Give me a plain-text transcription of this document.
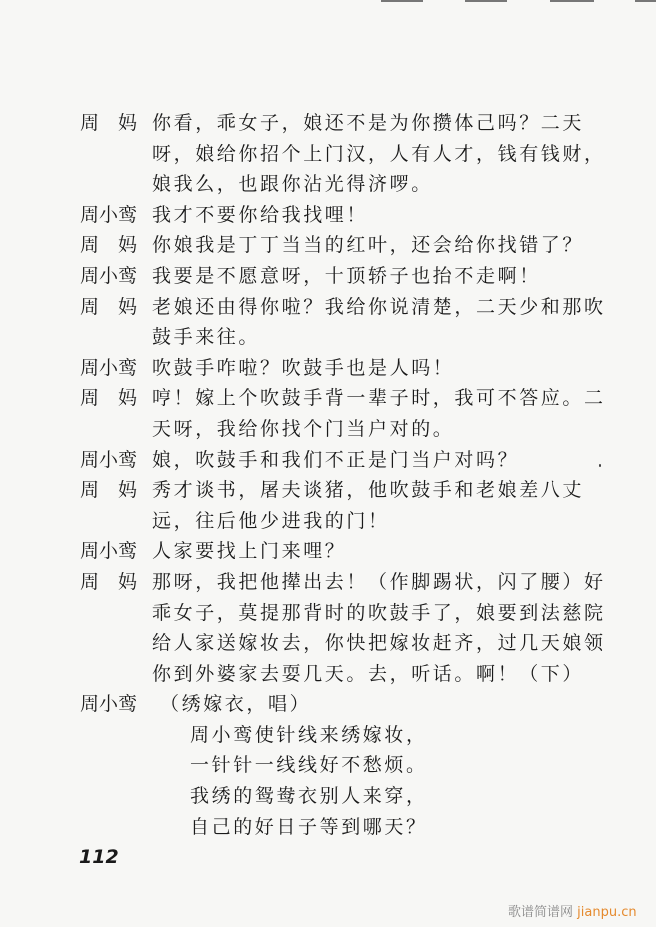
周　妈 你看，乖女子，娘还不是为你攒体己吗？二天
呀，娘给你招个上门汉，人有人才，钱有钱财，
娘我么，也跟你沾光得济啰。
周小鸾 我才不要你给我找哩！
周　妈 你娘我是丁丁当当的红叶，还会给你找错了？
周小鸾 我要是不愿意呀，十顶轿子也抬不走啊！
周　妈 老娘还由得你啦？我给你说清楚，二天少和那吹
鼓手来往。
周小鸾 吹鼓手咋啦？吹鼓手也是人吗！
周　妈 哼！嫁上个吹鼓手背一辈子时，我可不答应。二
天呀，我给你找个门当户对的。
周小鸾 娘，吹鼓手和我们不正是门当户对吗？
周　妈 秀才谈书，屠夫谈猪，他吹鼓手和老娘差八丈
远，往后他少进我的门！
周小鸾 人家要找上门来哩？
周　妈 那呀，我把他撵出去！（作脚踢状，闪了腰）好
乖女子，莫提那背时的吹鼓手了，娘要到法慈院
给人家送嫁妆去，你快把嫁妆赶齐，过几天娘领
你到外婆家去耍几天。去，听话。啊！（下）
周小鸾	（绣嫁衣，唱）
周小鸾使针线来绣嫁妆，
一针针一线线好不愁烦。
我绣的鸳鸯衣别人来穿，
自己的好日子等到哪天？
112
歌谱简谱网 jianpu.cn
